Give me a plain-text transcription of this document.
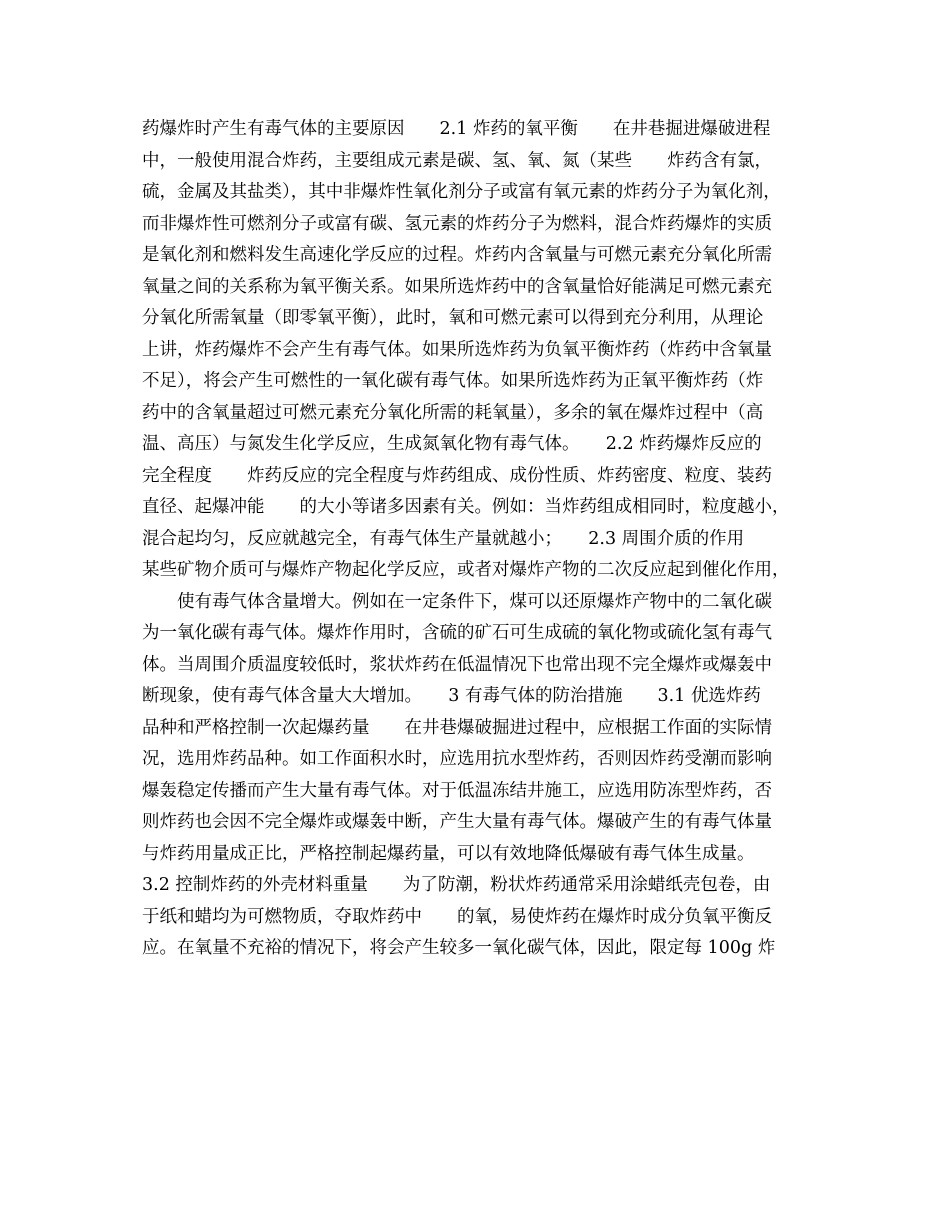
药爆炸时产生有毒气体的主要原因　　2.1 炸药的氧平衡　　在井巷掘进爆破进程
中，一般使用混合炸药，主要组成元素是碳、氢、氧、氮（某些　　炸药含有氯，
硫，金属及其盐类），其中非爆炸性氧化剂分子或富有氧元素的炸药分子为氧化剂，
而非爆炸性可燃剂分子或富有碳、氢元素的炸药分子为燃料，混合炸药爆炸的实质
是氧化剂和燃料发生高速化学反应的过程。炸药内含氧量与可燃元素充分氧化所需
氧量之间的关系称为氧平衡关系。如果所选炸药中的含氧量恰好能满足可燃元素充
分氧化所需氧量（即零氧平衡），此时，氧和可燃元素可以得到充分利用，从理论
上讲，炸药爆炸不会产生有毒气体。如果所选炸药为负氧平衡炸药（炸药中含氧量
不足），将会产生可燃性的一氧化碳有毒气体。如果所选炸药为正氧平衡炸药（炸
药中的含氧量超过可燃元素充分氧化所需的耗氧量），多余的氧在爆炸过程中（高
温、高压）与氮发生化学反应，生成氮氧化物有毒气体。　　2.2 炸药爆炸反应的
完全程度　　炸药反应的完全程度与炸药组成、成份性质、炸药密度、粒度、装药
直径、起爆冲能　　的大小等诸多因素有关。例如：当炸药组成相同时，粒度越小，
混合起均匀，反应就越完全，有毒气体生产量就越小；　　2.3 周围介质的作用
某些矿物介质可与爆炸产物起化学反应，或者对爆炸产物的二次反应起到催化作用，
　　使有毒气体含量增大。例如在一定条件下，煤可以还原爆炸产物中的二氧化碳
为一氧化碳有毒气体。爆炸作用时，含硫的矿石可生成硫的氧化物或硫化氢有毒气
体。当周围介质温度较低时，浆状炸药在低温情况下也常出现不完全爆炸或爆轰中
断现象，使有毒气体含量大大增加。　　3 有毒气体的防治措施　　3.1 优选炸药
品种和严格控制一次起爆药量　　在井巷爆破掘进过程中，应根据工作面的实际情
况，选用炸药品种。如工作面积水时，应选用抗水型炸药，否则因炸药受潮而影响
爆轰稳定传播而产生大量有毒气体。对于低温冻结井施工，应选用防冻型炸药，否
则炸药也会因不完全爆炸或爆轰中断，产生大量有毒气体。爆破产生的有毒气体量
与炸药用量成正比，严格控制起爆药量，可以有效地降低爆破有毒气体生成量。
3.2 控制炸药的外壳材料重量　　为了防潮，粉状炸药通常采用涂蜡纸壳包卷，由
于纸和蜡均为可燃物质，夺取炸药中　　的氧，易使炸药在爆炸时成分负氧平衡反
应。在氧量不充裕的情况下，将会产生较多一氧化碳气体，因此，限定每 100g 炸
